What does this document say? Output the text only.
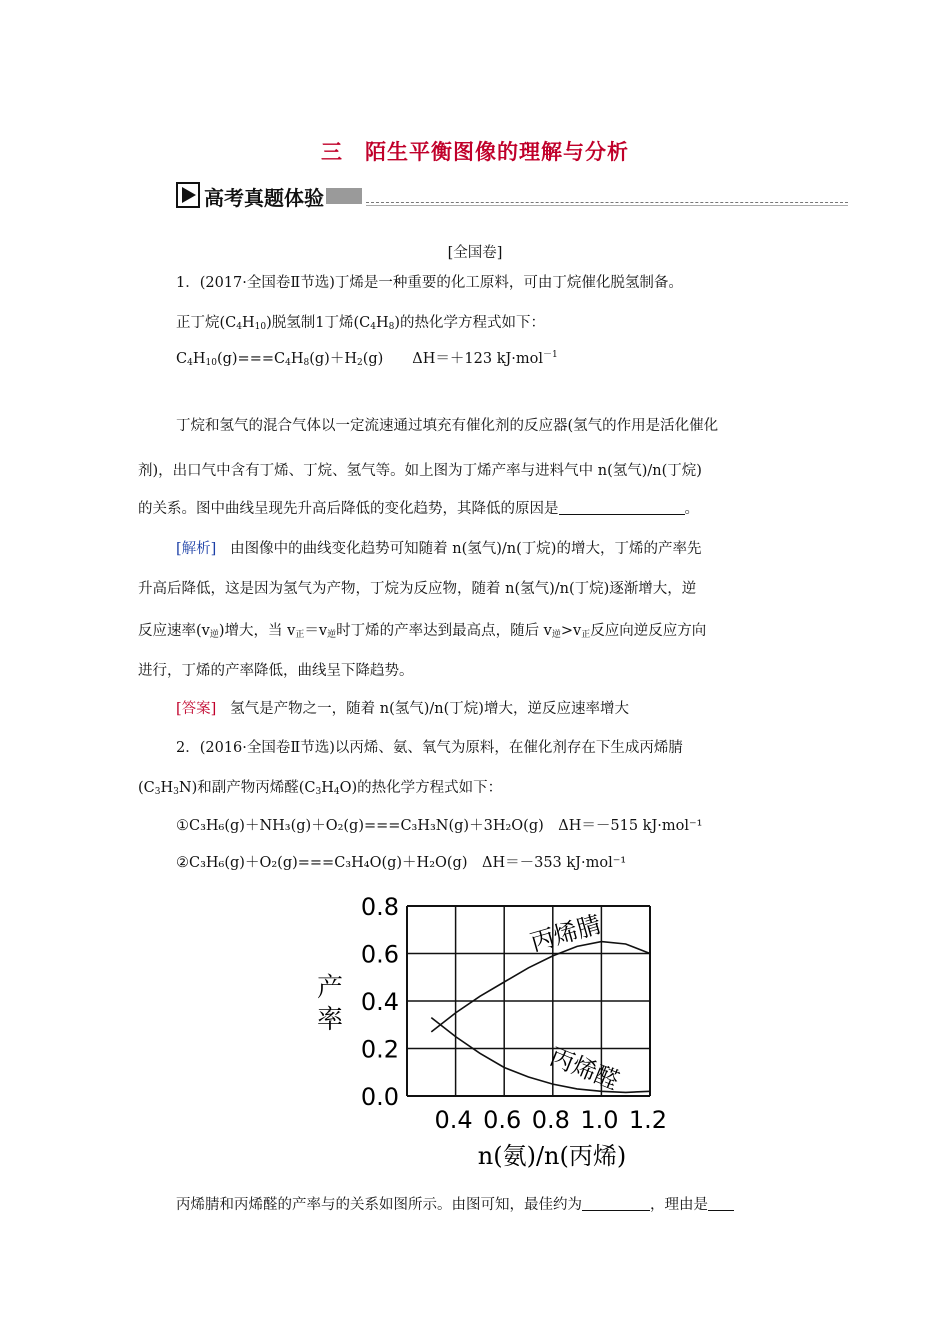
三　陌生平衡图像的理解与分析
高考真题体验
[全国卷]
1．(2017·全国卷Ⅱ节选)丁烯是一种重要的化工原料，可由丁烷催化脱氢制备。
正丁烷$(C_4H_{10})$脱氢制1丁烯$(C_4H_8)$的热化学方程式如下：
$C_4H_{10}(g)===C_4H_8(g)+H_2(g)$　　ΔH＝＋123 kJ·mol$^{-1}$
丁烷和氢气的混合气体以一定流速通过填充有催化剂的反应器(氢气的作用是活化催化
剂)，出口气中含有丁烯、丁烷、氢气等。如上图为丁烯产率与进料气中 n(氢气)/n(丁烷)
的关系。图中曲线呈现先升高后降低的变化趋势，其降低的原因是	。
[解析] 由图像中的曲线变化趋势可知随着 n(氢气)/n(丁烷)的增大，丁烯的产率先
升高后降低，这是因为氢气为产物，丁烷为反应物，随着 n(氢气)/n(丁烷)逐渐增大，逆
反应速率$(v_逆)$增大，当 $v_正=v_逆$时丁烯的产率达到最高点，随后 $v_逆>v_正$反应向逆反应方向
进行，丁烯的产率降低，曲线呈下降趋势。
[答案] 氢气是产物之一，随着 n(氢气)/n(丁烷)增大，逆反应速率增大
2．(2016·全国卷Ⅱ节选)以丙烯、氨、氧气为原料，在催化剂存在下生成丙烯腈
$(C_3H_3N)$和副产物丙烯醛$(C_3H_4O)$的热化学方程式如下：
①C₃H₆(g)＋NH₃(g)＋O₂(g)===C₃H₃N(g)＋3H₂O(g)　ΔH＝－515 kJ·mol⁻¹
②C₃H₆(g)＋O₂(g)===C₃H₄O(g)＋H₂O(g)　ΔH＝－353 kJ·mol⁻¹
0.0
0.2
0.4
0.6
0.8
0.4 0.6 0.8 1.0 1.2
丙烯腈
丙烯醛
产率
n(氨)/n(丙烯)
丙烯腈和丙烯醛的产率与的关系如图所示。由图可知，最佳约为	，理由是
